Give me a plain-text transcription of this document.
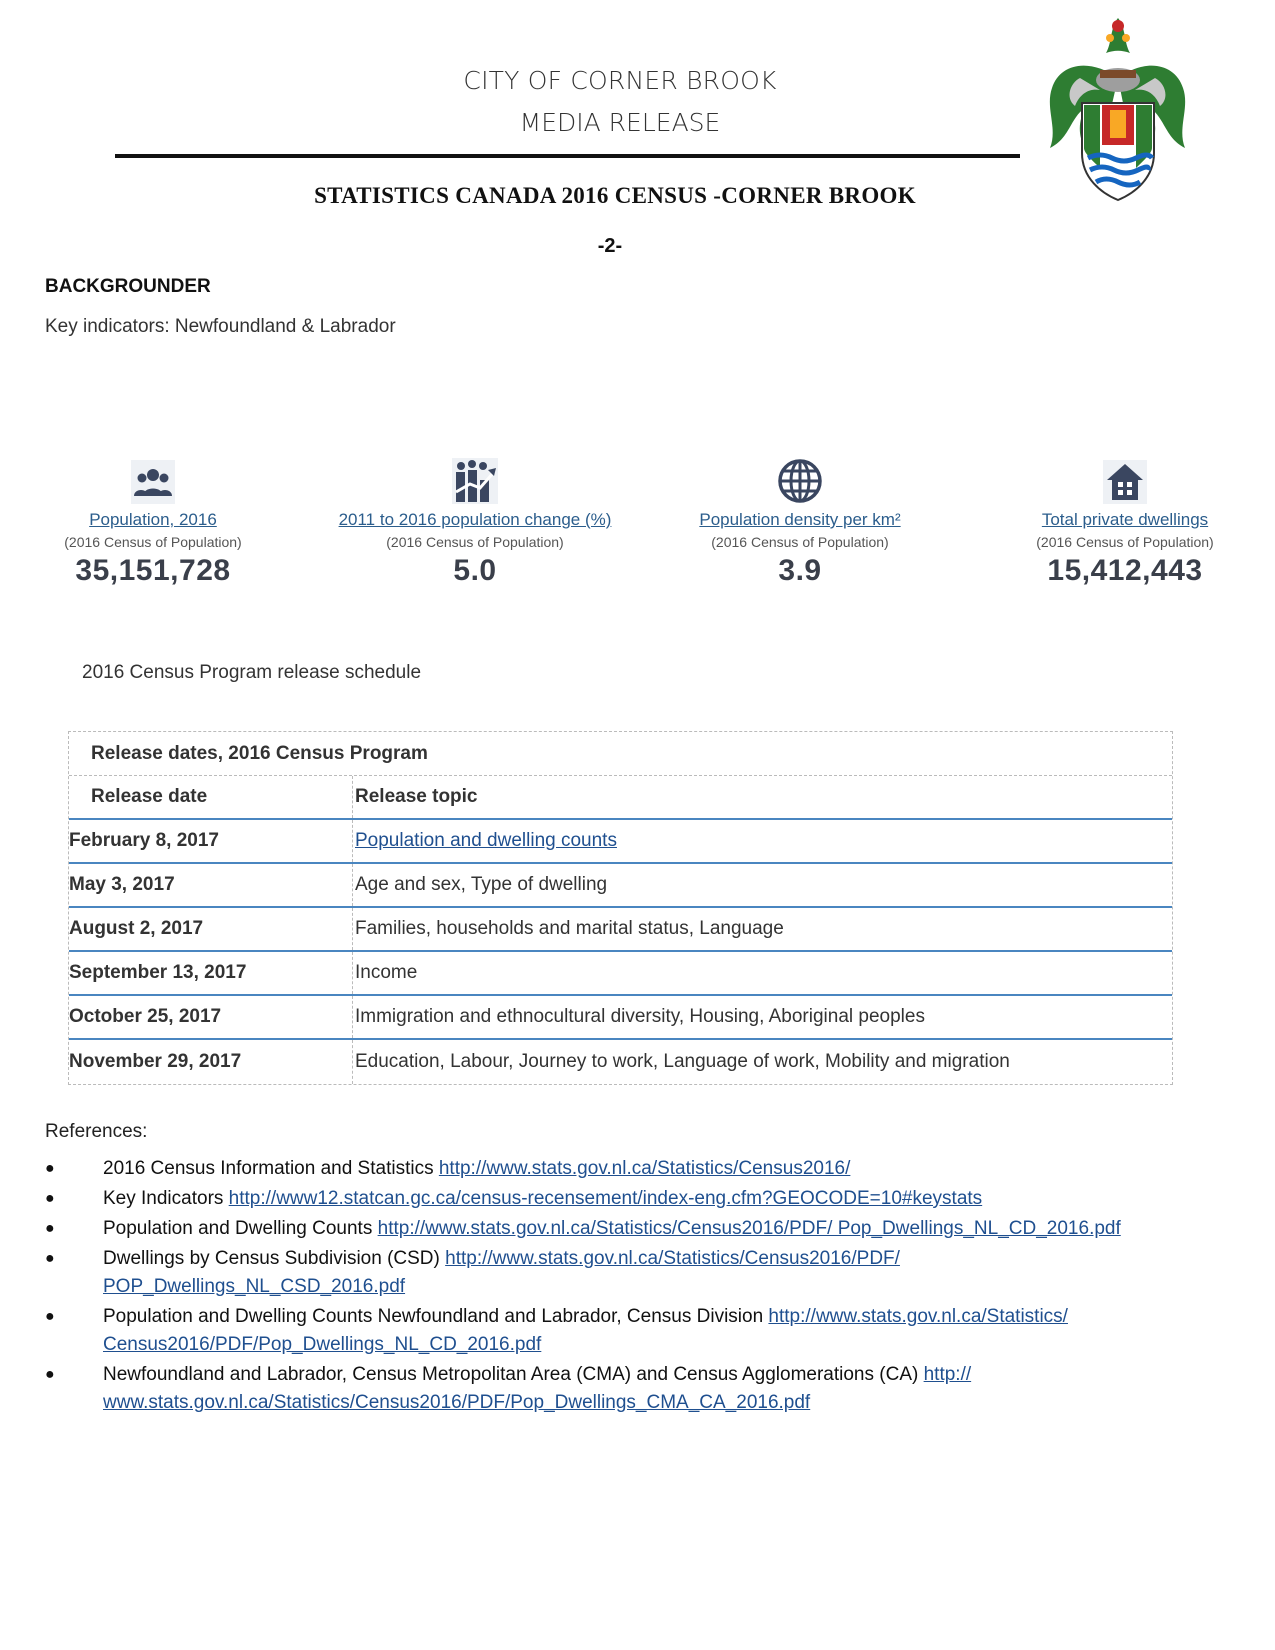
CITY OF CORNER BROOK
MEDIA RELEASE
STATISTICS CANADA 2016 CENSUS -CORNER BROOK
-2-
BACKGROUNDER
Key indicators: Newfoundland & Labrador
Population, 2016
(2016 Census of Population)
35,151,728
2011 to 2016 population change (%)
(2016 Census of Population)
5.0
Population density per km²
(2016 Census of Population)
3.9
Total private dwellings
(2016 Census of Population)
15,412,443
2016 Census Program release schedule
Release dates, 2016 Census Program
Release date	Release topic
February 8, 2017	Population and dwelling counts
May 3, 2017	Age and sex, Type of dwelling
August 2, 2017	Families, households and marital status, Language
September 13, 2017	Income
October 25, 2017	Immigration and ethnocultural diversity, Housing, Aboriginal peoples
November 29, 2017	Education, Labour, Journey to work, Language of work, Mobility and migration
References:
●	2016 Census Information and Statistics http://www.stats.gov.nl.ca/Statistics/Census2016/
●	Key Indicators http://www12.statcan.gc.ca/census-recensement/index-eng.cfm?GEOCODE=10#keystats
●	Population and Dwelling Counts http://www.stats.gov.nl.ca/Statistics/Census2016/PDF/ Pop_Dwellings_NL_CD_2016.pdf
●	Dwellings by Census Subdivision (CSD) http://www.stats.gov.nl.ca/Statistics/Census2016/PDF/ POP_Dwellings_NL_CSD_2016.pdf
●	Population and Dwelling Counts Newfoundland and Labrador, Census Division http://www.stats.gov.nl.ca/Statistics/ Census2016/PDF/Pop_Dwellings_NL_CD_2016.pdf
●	Newfoundland and Labrador, Census Metropolitan Area (CMA) and Census Agglomerations (CA) http:// www.stats.gov.nl.ca/Statistics/Census2016/PDF/Pop_Dwellings_CMA_CA_2016.pdf
